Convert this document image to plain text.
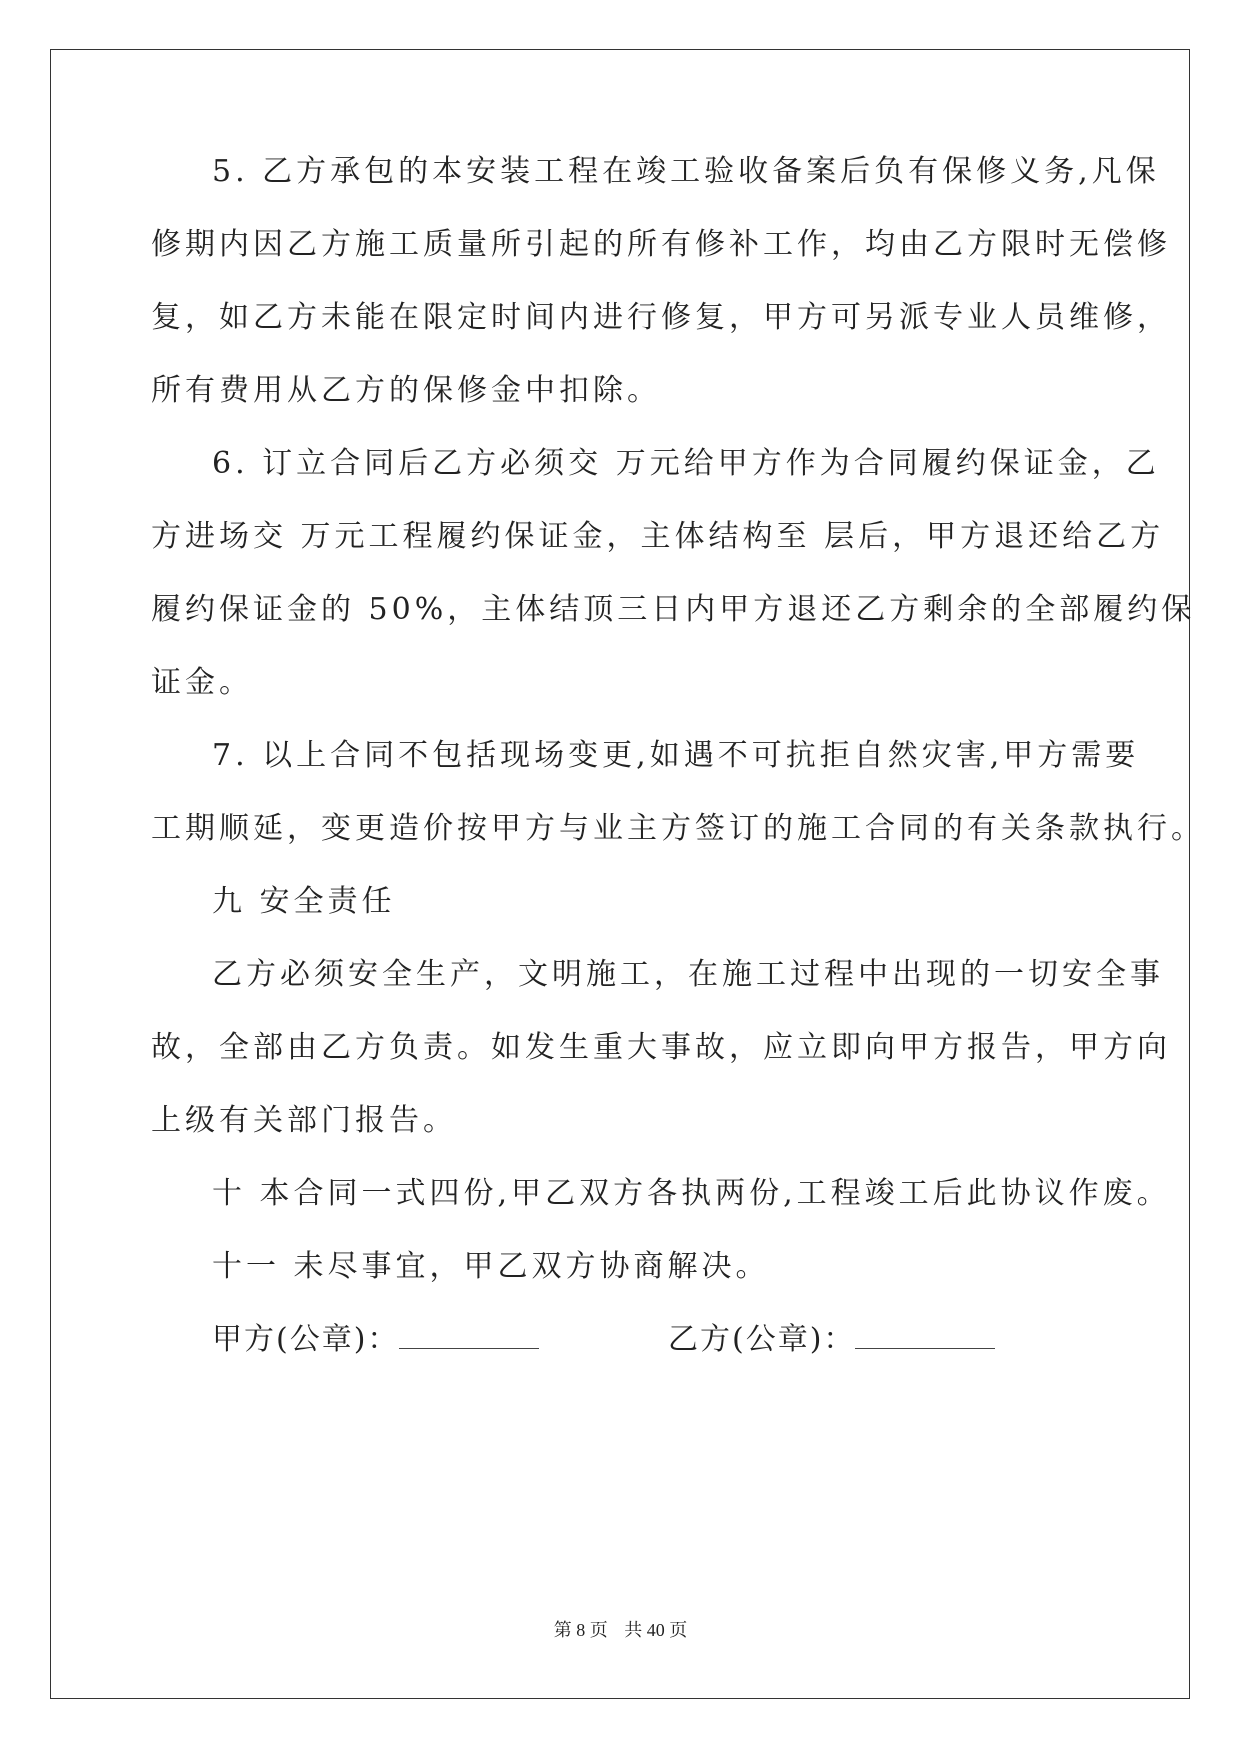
5. 乙方承包的本安装工程在竣工验收备案后负有保修义务,凡保
修期内因乙方施工质量所引起的所有修补工作，均由乙方限时无偿修
复，如乙方未能在限定时间内进行修复，甲方可另派专业人员维修，
所有费用从乙方的保修金中扣除。
6. 订立合同后乙方必须交 万元给甲方作为合同履约保证金，乙
方进场交 万元工程履约保证金，主体结构至 层后，甲方退还给乙方
履约保证金的 50%，主体结顶三日内甲方退还乙方剩余的全部履约保
证金。
7. 以上合同不包括现场变更,如遇不可抗拒自然灾害,甲方需要
工期顺延，变更造价按甲方与业主方签订的施工合同的有关条款执行。
九 安全责任
乙方必须安全生产，文明施工，在施工过程中出现的一切安全事
故，全部由乙方负责。如发生重大事故，应立即向甲方报告，甲方向
上级有关部门报告。
十 本合同一式四份,甲乙双方各执两份,工程竣工后此协议作废。
十一 未尽事宜，甲乙双方协商解决。
甲方(公章)：	乙方(公章)：
第 8 页 共 40 页
